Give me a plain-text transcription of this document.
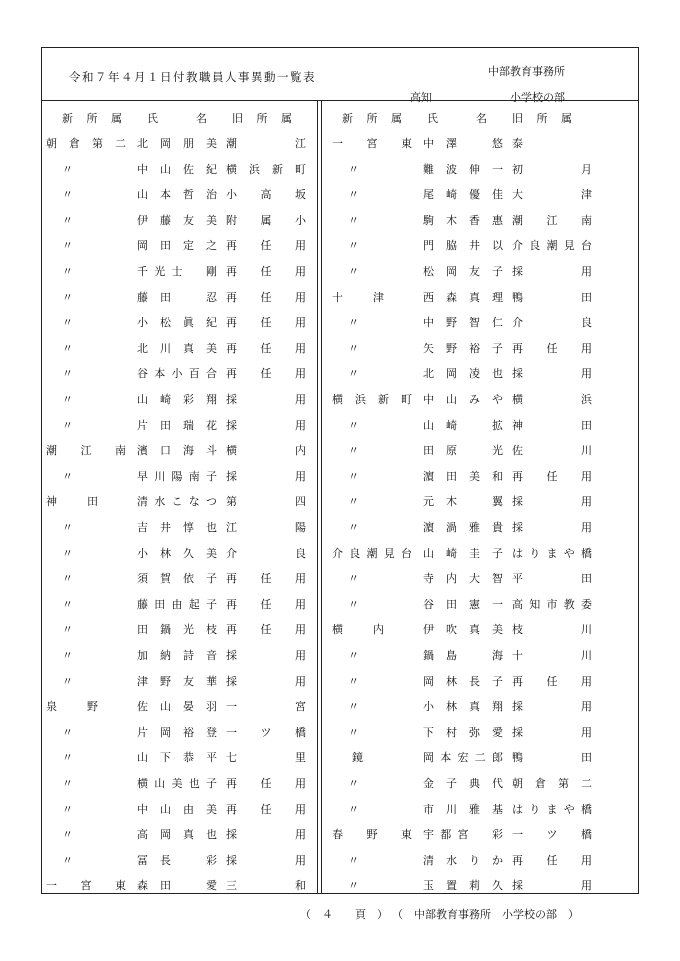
令和７年４月１日付教職員人事異動一覧表	中部教育事務所
高知	小学校の部
新所属 氏　　名 旧所属	新所属 氏　　名 旧所属
朝倉第二 北岡朋美 潮江
〃	中山佐紀 横浜新町
〃	山本哲治 小高坂
〃	伊藤友美 附属小
〃	岡田定之 再任用
〃	千光士　剛 再任用
〃	藤田　忍 再任用
〃	小松眞紀 再任用
〃	北川真美 再任用
〃	谷本小百合 再任用
〃	山崎彩翔 採用
〃	片田瑞花 採用
潮江南 濱口海斗 横内
〃	早川陽南子 採用
神田	清水こなつ 第四
〃	吉井惇也 江陽
〃	小林久美 介良
〃	須賀依子 再任用
〃	藤田由起子 再任用
〃	田鍋光枝 再任用
〃	加納詩音 採用
〃	津野友華 採用
泉野	佐山晏羽 一宮
〃	片岡裕登 一ツ橋
〃	山下恭平 七里
〃	横山美也子 再任用
〃	中山由美 再任用
〃	高岡真也 採用
〃	冨長　彩 採用
一宮東 森田　愛 三和
一宮東 中澤　悠 泰
〃	難波伸一 初月
〃	尾崎優佳 大津
〃	駒木香惠 潮江南
〃	門脇井以 介良潮見台
〃	松岡友子 採用
十津	西森真理 鴨田
〃	中野智仁 介良
〃	矢野裕子 再任用
〃	北岡凌也 採用
横浜新町 中山みや 横浜
〃	山崎　拡 神田
〃	田原　光 佐川
〃	濵田美和 再任用
〃	元木　翼 採用
〃	濵渦雅貴 採用
介良潮見台 山崎圭子 はりまや橋
〃	寺内大智 平田
〃	谷田憲一 高知市教委
横内	伊吹真美 枝川
〃	鍋島　海 十川
〃	岡林長子 再任用
〃	小林真翔 採用
〃	下村弥愛 採用
鏡	岡本宏二郎 鴨田
〃	金子典代 朝倉第二
〃	市川雅基 はりまや橋
春野東 宇都宮　彩 一ツ橋
〃	清水りか 再任用
〃	玉置莉久 採用
（　４　　頁　） （　中部教育事務所　小学校の部　）
